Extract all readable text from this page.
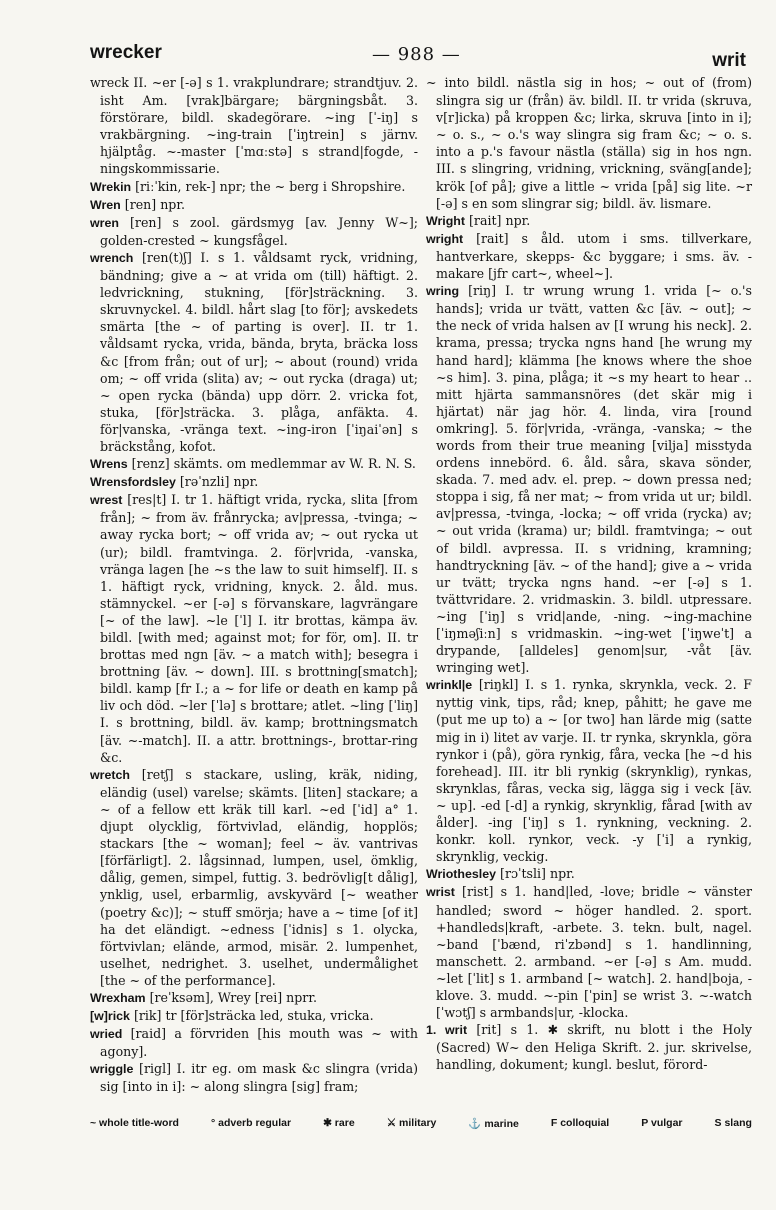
wrecker	— 988 —	writ

wreck II. ~er [-ə] s 1. vrakplundrare; strandtjuv. 2. isht Am. [vrak]bärgare; bärgningsbåt. 3. förstörare, bildl. skadegörare. ~ing [ˈ-iŋ] s vrakbärgning. ~ing-train [ˈiŋtrein] s järnv. hjälptåg. ~-master [ˈmɑːstə] s strand|fogde, -ningskommissarie.

Wrekin [riːˈkin, rek-] npr; the ~ berg i Shropshire.

Wren [ren] npr.

wren [ren] s zool. gärdsmyg [av. Jenny W~]; golden-crested ~ kungsfågel.

wrench [ren(t)ʃ] I. s 1. våldsamt ryck, vridning, bändning; give a ~ at vrida om (till) häftigt. 2. ledvrickning, stukning, [för]sträckning. 3. skruvnyckel. 4. bildl. hårt slag [to för]; avskedets smärta [the ~ of parting is over]. II. tr 1. våldsamt rycka, vrida, bända, bryta, bräcka loss &c [from från; out of ur]; ~ about (round) vrida om; ~ off vrida (slita) av; ~ out rycka (draga) ut; ~ open rycka (bända) upp dörr. 2. vricka fot, stuka, [för]sträcka. 3. plåga, anfäkta. 4. för|vanska, -vränga text. ~ing-iron [ˈiŋaiˈən] s bräckstång, kofot.

Wrens [renz] skämts. om medlemmar av W. R. N. S.

Wrensfordsley [rəˈnzli] npr.

wrest [res|t] I. tr 1. häftigt vrida, rycka, slita [from från]; ~ from äv. frånrycka; av|pressa, -tvinga; ~ away rycka bort; ~ off vrida av; ~ out rycka ut (ur); bildl. framtvinga. 2. för|vrida, -vanska, vränga lagen [he ~s the law to suit himself]. II. s 1. häftigt ryck, vridning, knyck. 2. åld. mus. stämnyckel. ~er [-ə] s förvanskare, lagvrängare [~ of the law]. ~le [ˈl] I. itr brottas, kämpa äv. bildl. [with med; against mot; for för, om]. II. tr brottas med ngn [äv. ~ a match with]; besegra i brottning [äv. ~ down]. III. s brottning[smatch]; bildl. kamp [fr I.; a ~ for life or death en kamp på liv och död. ~ler [ˈlə] s brottare; atlet. ~ling [ˈliŋ] I. s brottning, bildl. äv. kamp; brottningsmatch [äv. ~-match]. II. a attr. brottnings-, brottar-ring &c.

wretch [retʃ] s stackare, usling, kräk, niding, eländig (usel) varelse; skämts. [liten] stackare; a ~ of a fellow ett kräk till karl. ~ed [ˈid] a° 1. djupt olycklig, förtvivlad, eländig, hopplös; stackars [the ~ woman]; feel ~ äv. vantrivas [förfärligt]. 2. lågsinnad, lumpen, usel, ömklig, dålig, gemen, simpel, futtig. 3. bedrövlig[t dålig], ynklig, usel, erbarmlig, avskyvärd [~ weather (poetry &c)]; ~ stuff smörja; have a ~ time [of it] ha det eländigt. ~edness [ˈidnis] s 1. olycka, förtvivlan; elände, armod, misär. 2. lumpenhet, uselhet, nedrighet. 3. uselhet, undermålighet [the ~ of the performance].

Wrexham [reˈksəm], Wrey [rei] nprr.

[w]rick [rik] tr [för]sträcka led, stuka, vricka.

wried [raid] a förvriden [his mouth was ~ with agony].

wriggle [rigl] I. itr eg. om mask &c slingra (vrida) sig [into in i]: ~ along slingra [sig] fram;

~ into bildl. nästla sig in hos; ~ out of (from) slingra sig ur (från) äv. bildl. II. tr vrida (skruva, v[r]icka) på kroppen &c; lirka, skruva [into in i]; ~ o. s., ~ o.'s way slingra sig fram &c; ~ o. s. into a p.'s favour nästla (ställa) sig in hos ngn. III. s slingring, vridning, vrickning, sväng[ande]; krök [of på]; give a little ~ vrida [på] sig lite. ~r [-ə] s en som slingrar sig; bildl. äv. lismare.

Wright [rait] npr.

wright [rait] s åld. utom i sms. tillverkare, hantverkare, skepps- &c byggare; i sms. äv. -makare [jfr cart~, wheel~].

wring [riŋ] I. tr wrung wrung 1. vrida [~ o.'s hands]; vrida ur tvätt, vatten &c [äv. ~ out]; ~ the neck of vrida halsen av [I wrung his neck]. 2. krama, pressa; trycka ngns hand [he wrung my hand hard]; klämma [he knows where the shoe ~s him]. 3. pina, plåga; it ~s my heart to hear .. mitt hjärta sammansnöres (det skär mig i hjärtat) när jag hör. 4. linda, vira [round omkring]. 5. för|vrida, -vränga, -vanska; ~ the words from their true meaning [vilja] misstyda ordens innebörd. 6. åld. såra, skava sönder, skada. 7. med adv. el. prep. ~ down pressa ned; stoppa i sig, få ner mat; ~ from vrida ut ur; bildl. av|pressa, -tvinga, -locka; ~ off vrida (rycka) av; ~ out vrida (krama) ur; bildl. framtvinga; ~ out of bildl. avpressa. II. s vridning, kramning; handtryckning [äv. ~ of the hand]; give a ~ vrida ur tvätt; trycka ngns hand. ~er [-ə] s 1. tvättvridare. 2. vridmaskin. 3. bildl. utpressare. ~ing [ˈiŋ] s vrid|ande, -ning. ~ing-machine [ˈiŋməʃiːn] s vridmaskin. ~ing-wet [ˈiŋweˈt] a drypande, [alldeles] genom|sur, -våt [äv. wringing wet].

wrinkl|e [riŋkl] I. s 1. rynka, skrynkla, veck. 2. F nyttig vink, tips, råd; knep, påhitt; he gave me (put me up to) a ~ [or two] han lärde mig (satte mig in i) litet av varje. II. tr rynka, skrynkla, göra rynkor i (på), göra rynkig, fåra, vecka [he ~d his forehead]. III. itr bli rynkig (skrynklig), rynkas, skrynklas, fåras, vecka sig, lägga sig i veck [äv. ~ up]. -ed [-d] a rynkig, skrynklig, fårad [with av ålder]. -ing [ˈiŋ] s 1. rynkning, veckning. 2. konkr. koll. rynkor, veck. -y [ˈi] a rynkig, skrynklig, veckig.

Wriothesley [rɔˈtsli] npr.

wrist [rist] s 1. hand|led, -love; bridle ~ vänster handled; sword ~ höger handled. 2. sport. +handleds|kraft, -arbete. 3. tekn. bult, nagel. ~band [ˈbænd, riˈzbənd] s 1. handlinning, manschett. 2. armband. ~er [-ə] s Am. mudd. ~let [ˈlit] s 1. armband [~ watch]. 2. hand|boja, -klove. 3. mudd. ~-pin [ˈpin] se wrist 3. ~-watch [ˈwɔtʃ] s armbands|ur, -klocka.

1. writ [rit] s 1. ✱ skrift, nu blott i the Holy (Sacred) W~ den Heliga Skrift. 2. jur. skrivelse, handling, dokument; kungl. beslut, förord-

~ whole title-word	° adverb regular	✱ rare	⚔ military	⚓ marine	F colloquial	P vulgar	S slang
